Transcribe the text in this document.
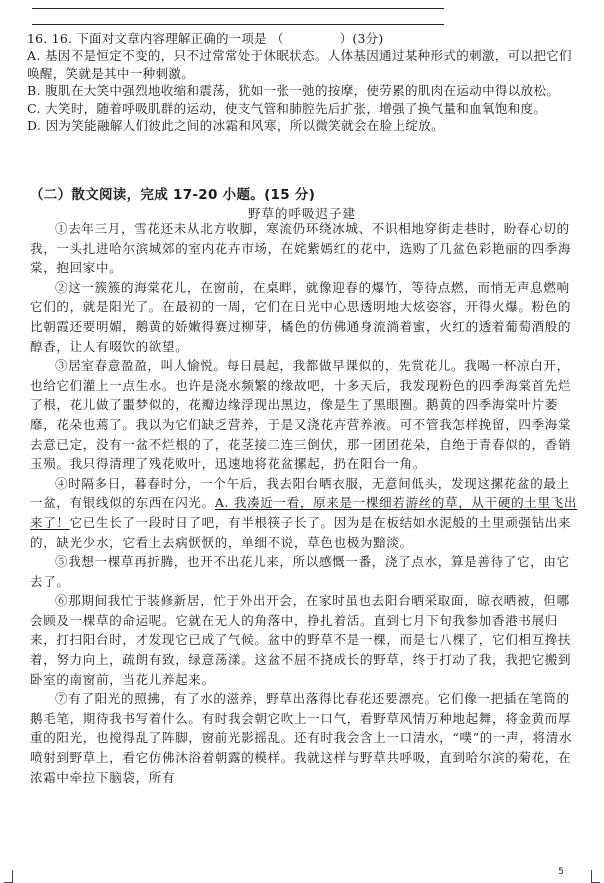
16. 16. 下面对文章内容理解正确的一项是 （	）(3分)

A. 基因不是恒定不变的，只不过常常处于休眠状态。人体基因通过某种形式的刺激，可以把它们唤醒，笑就是其中一种刺激。

B. 腹肌在大笑中强烈地收缩和震荡，犹如一张一弛的按摩，使劳累的肌肉在运动中得以放松。

C. 大笑时，随着呼吸肌群的运动，使支气管和肺腔先后扩张，增强了换气量和血氧饱和度。

D. 因为笑能融解人们彼此之间的冰霜和风寒，所以微笑就会在脸上绽放。

（二）散文阅读，完成 17-20 小题。(15 分)
野草的呼吸迟子建

①去年三月，雪花还未从北方收脚，寒流仍环绕冰城、不识相地穿街走巷时，盼春心切的我，一头扎进哈尔滨城郊的室内花卉市场，在姹紫嫣红的花中，选购了几盆色彩艳丽的四季海棠，抱回家中。

②这一簇簇的海棠花儿，在窗前，在桌畔，就像迎春的爆竹，等待点燃，而悄无声息燃响它们的，就是阳光了。在最初的一周，它们在日光中心思透明地大炫姿容，开得火爆。粉色的比朝霞还要明媚，鹅黄的娇嫩得赛过柳芽，橘色的仿佛通身流淌着蜜，火红的透着葡萄酒般的醇香，让人有啜饮的欲望。

③居室春意盈盈，叫人愉悦。每日晨起，我都做早课似的，先赏花儿。我喝一杯凉白开，也给它们灌上一点生水。也许是浇水频繁的缘故吧，十多天后，我发现粉色的四季海棠首先烂了根，花儿做了噩梦似的，花瓣边缘浮现出黑边，像是生了黑眼圈。鹅黄的四季海棠叶片萎靡，花朵也蔫了。我以为它们缺乏营养，于是又浇花卉营养液。可不管我怎样挽留，四季海棠去意已定，没有一盆不烂根的了，花茎接二连三倒伏，那一团团花朵，自绝于青春似的，香销玉殒。我只得清理了残花败叶，迅速地将花盆摞起，扔在阳台一角。

④时隔多日，暮春时分，一个午后，我去阳台晒衣服，无意间低头，发现这摞花盆的最上一盆，有银线似的东西在闪光。A. 我凑近一看，原来是一棵细若游丝的草，从干硬的土里飞出来了！它已生长了一段时日了吧，有半根筷子长了。因为是在板结如水泥般的土里顽强钻出来的，缺光少水，它看上去病恹恹的，单细不说，草色也极为黯淡。

⑤我想一棵草再折腾，也开不出花儿来，所以感慨一番，浇了点水，算是善待了它，由它去了。

⑥那期间我忙于装修新居，忙于外出开会，在家时虽也去阳台晒采取面，晾衣晒被，但哪会顾及一棵草的命运呢。它就在无人的角落中，挣扎着活。直到七月下旬我参加香港书展归来，打扫阳台时，才发现它已成了气候。盆中的野草不是一棵，而是七八棵了，它们相互搀扶着，努力向上，疏朗有致，绿意荡漾。这盆不屈不挠成长的野草，终于打动了我，我把它搬到卧室的南窗前，当花儿养起来。

⑦有了阳光的照拂，有了水的滋养，野草出落得比春花还要漂亮。它们像一把插在笔筒的鹅毛笔，期待我书写着什么。有时我会朝它吹上一口气，看野草风情万种地起舞，将金黄而厚重的阳光，也搅得乱了阵脚，窗前光影摇乱。还有时我会含上一口清水，“噗”的一声，将清水喷射到野草上，看它仿佛沐浴着朝露的模样。我就这样与野草共呼吸，直到哈尔滨的菊花，在浓霜中牵拉下脑袋，所有

5
